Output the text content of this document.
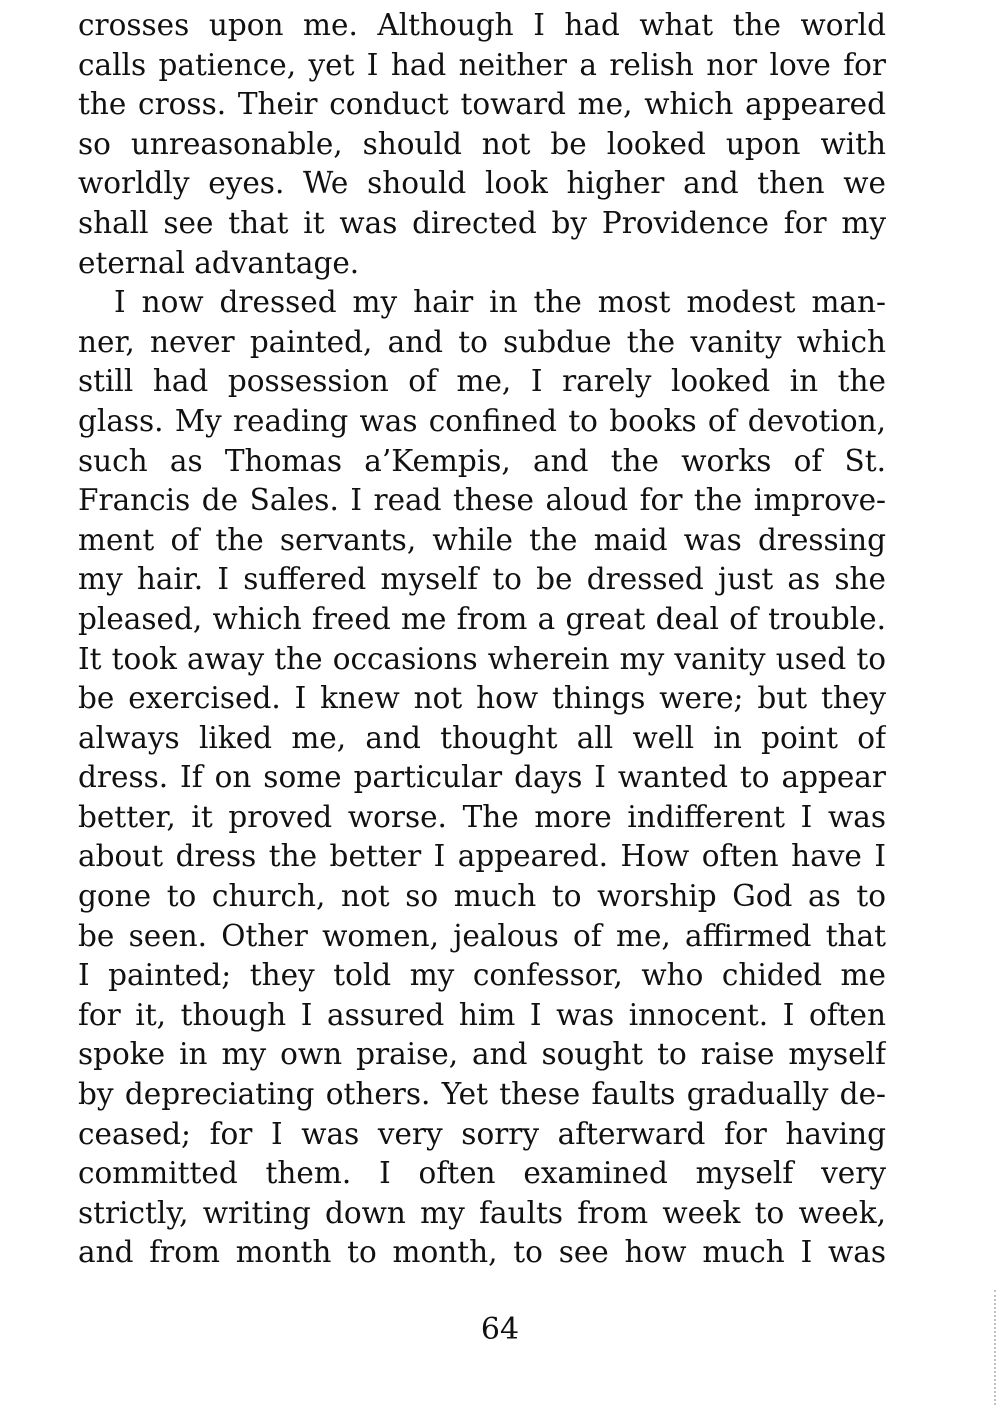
crosses upon me. Although I had what the world
calls patience, yet I had neither a relish nor love for
the cross. Their conduct toward me, which appeared
so unreasonable, should not be looked upon with
worldly eyes. We should look higher and then we
shall see that it was directed by Providence for my
eternal advantage.
I now dressed my hair in the most modest man-
ner, never painted, and to subdue the vanity which
still had possession of me, I rarely looked in the
glass. My reading was confined to books of devotion,
such as Thomas a’Kempis, and the works of St.
Francis de Sales. I read these aloud for the improve-
ment of the servants, while the maid was dressing
my hair. I suffered myself to be dressed just as she
pleased, which freed me from a great deal of trouble.
It took away the occasions wherein my vanity used to
be exercised. I knew not how things were; but they
always liked me, and thought all well in point of
dress. If on some particular days I wanted to appear
better, it proved worse. The more indifferent I was
about dress the better I appeared. How often have I
gone to church, not so much to worship God as to
be seen. Other women, jealous of me, affirmed that
I painted; they told my confessor, who chided me
for it, though I assured him I was innocent. I often
spoke in my own praise, and sought to raise myself
by depreciating others. Yet these faults gradually de-
ceased; for I was very sorry afterward for having
committed them. I often examined myself very
strictly, writing down my faults from week to week,
and from month to month, to see how much I was
64
